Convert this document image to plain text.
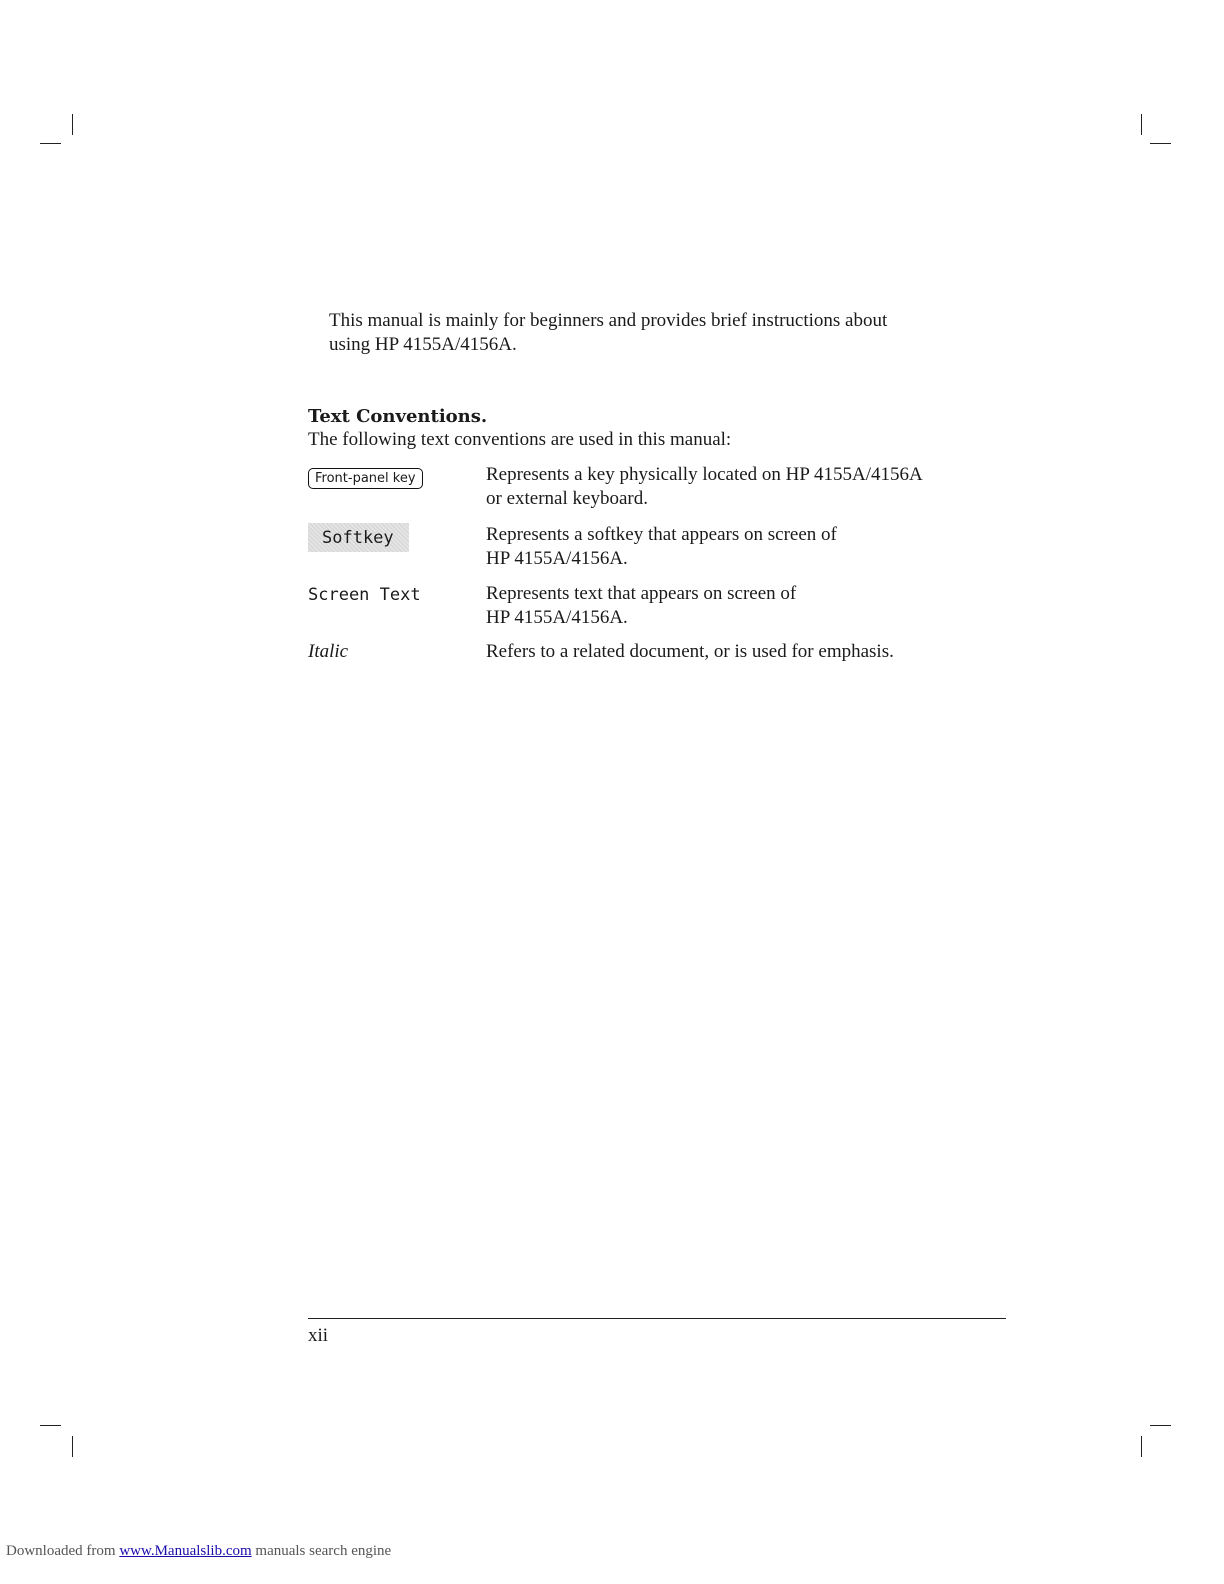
This manual is mainly for beginners and provides brief instructions about
using HP 4155A/4156A.
Text Conventions.
The following text conventions are used in this manual:
Front-panel key	Represents a key physically located on HP 4155A/4156A
or external keyboard.
Softkey	Represents a softkey that appears on screen of
HP 4155A/4156A.
Screen Text	Represents text that appears on screen of
HP 4155A/4156A.
Italic	Refers to a related document, or is used for emphasis.
xii
Downloaded from www.Manualslib.com manuals search engine
